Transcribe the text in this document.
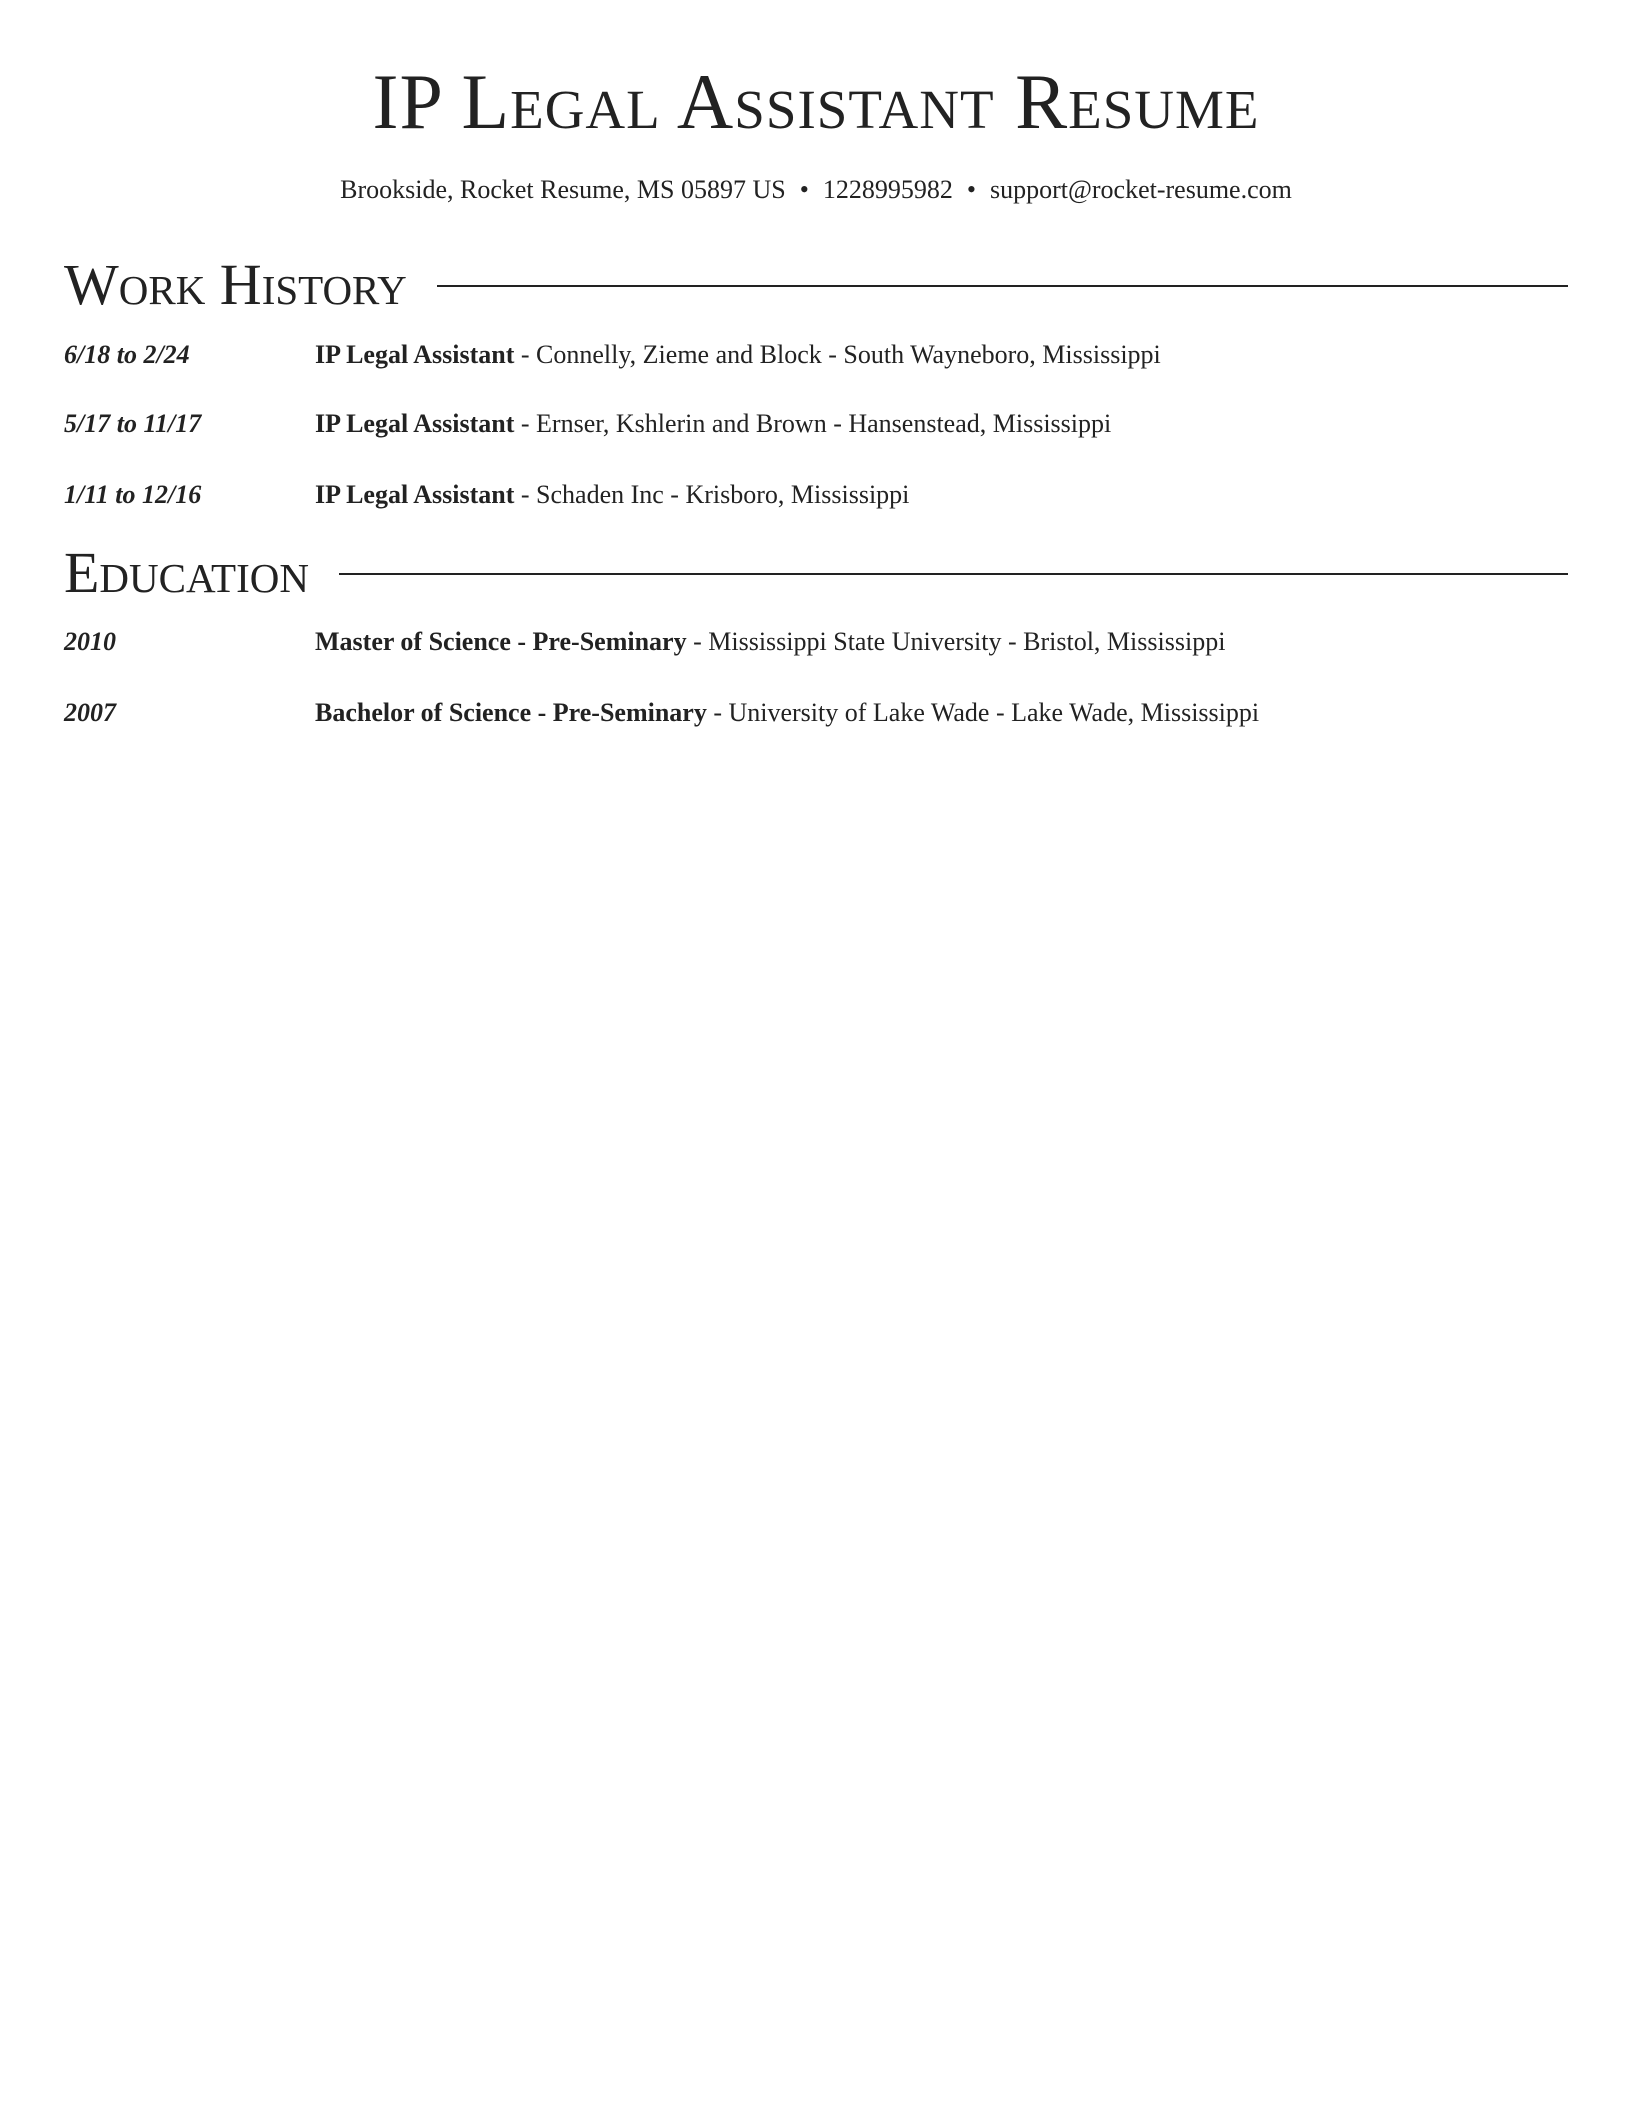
IP Legal Assistant Resume
Brookside, Rocket Resume, MS 05897 US • 1228995982 • support@rocket-resume.com
Work History
6/18 to 2/24	IP Legal Assistant - Connelly, Zieme and Block - South Wayneboro, Mississippi
5/17 to 11/17	IP Legal Assistant - Ernser, Kshlerin and Brown - Hansenstead, Mississippi
1/11 to 12/16	IP Legal Assistant - Schaden Inc - Krisboro, Mississippi
Education
2010	Master of Science - Pre-Seminary - Mississippi State University - Bristol, Mississippi
2007	Bachelor of Science - Pre-Seminary - University of Lake Wade - Lake Wade, Mississippi
